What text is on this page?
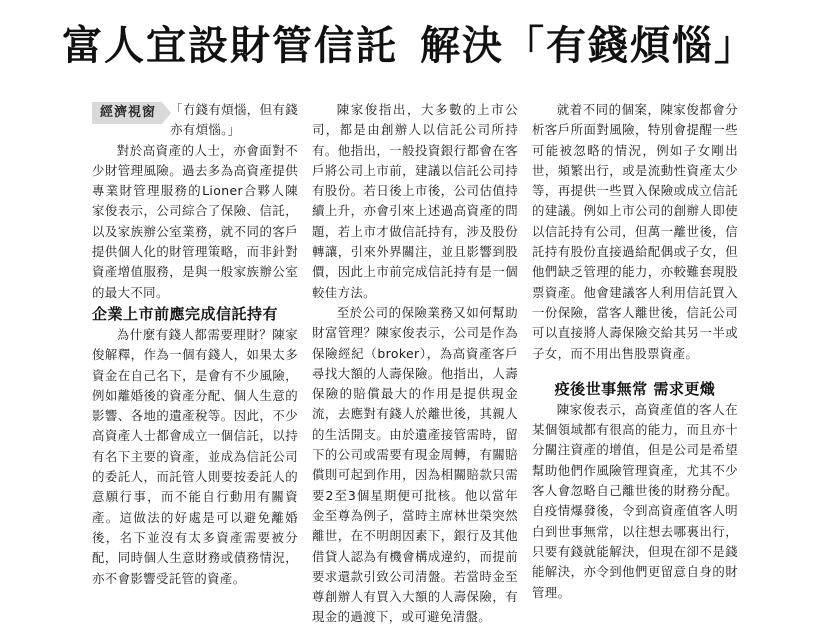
富人宜設財管信託 解決「有錢煩惱」
經濟視窗	「冇錢有煩惱，但有錢亦有煩惱。」

對於高資產的人士，亦會面對不少財管理風險。過去多為高資產提供專業財管理服務的Lioner合夥人陳家俊表示，公司綜合了保險、信託，以及家族辦公室業務，就不同的客戶提供個人化的財管理策略，而非針對資產增值服務，是與一般家族辦公室的最大不同。

企業上市前應完成信託持有

為什麼有錢人都需要理財？陳家俊解釋，作為一個有錢人，如果太多資金在自己名下，是會有不少風險，例如離婚後的資產分配、個人生意的影響、各地的遺產稅等。因此，不少高資產人士都會成立一個信託，以持有名下主要的資產，並成為信託公司的委託人，而託管人則要按委託人的意願行事，而不能自行動用有關資產。這做法的好處是可以避免離婚後，名下並沒有太多資產需要被分配，同時個人生意財務或債務情況，亦不會影響受託管的資產。

陳家俊指出，大多數的上市公司，都是由創辦人以信託公司所持有。他指出，一般投資銀行都會在客戶將公司上市前，建議以信託公司持有股份。若日後上市後，公司估值持續上升，亦會引來上述過高資產的問題，若上市才做信託持有，涉及股份轉讓，引來外界關注，並且影響到股價，因此上市前完成信託持有是一個較佳方法。

至於公司的保險業務又如何幫助財富管理？陳家俊表示，公司是作為保險經紀（broker），為高資產客戶尋找大額的人壽保險。他指出，人壽保險的賠償最大的作用是提供現金流，去應對有錢人於離世後，其親人的生活開支。由於遺產接管需時，留下的公司或需要有現金周轉，有關賠償則可起到作用，因為相關賠款只需要2至3個星期便可批核。他以當年金至尊為例子，當時主席林世榮突然離世，在不明朗因素下，銀行及其他借貸人認為有機會構成違約，而提前要求還款引致公司清盤。若當時金至尊創辦人有買入大額的人壽保險，有現金的過渡下，或可避免清盤。

就着不同的個案，陳家俊都會分析客戶所面對風險，特別會提醒一些可能被忽略的情況，例如子女剛出世，頻繁出行，或是流動性資產太少等，再提供一些買入保險或成立信託的建議。例如上市公司的創辦人即使以信託持有公司，但萬一離世後，信託持有股份直接過給配偶或子女，但他們缺乏管理的能力，亦較難套現股票資產。他會建議客人利用信託買入一份保險，當客人離世後，信託公司可以直接將人壽保險交給其另一半或子女，而不用出售股票資產。

疫後世事無常 需求更熾

陳家俊表示，高資產值的客人在某個領域都有很高的能力，而且亦十分關注資產的增值，但是公司是希望幫助他們作風險管理資產，尤其不少客人會忽略自己離世後的財務分配。自疫情爆發後，令到高資產值客人明白到世事無常，以往想去哪裏出行，只要有錢就能解決，但現在卻不是錢能解決，亦令到他們更留意自身的財管理。
